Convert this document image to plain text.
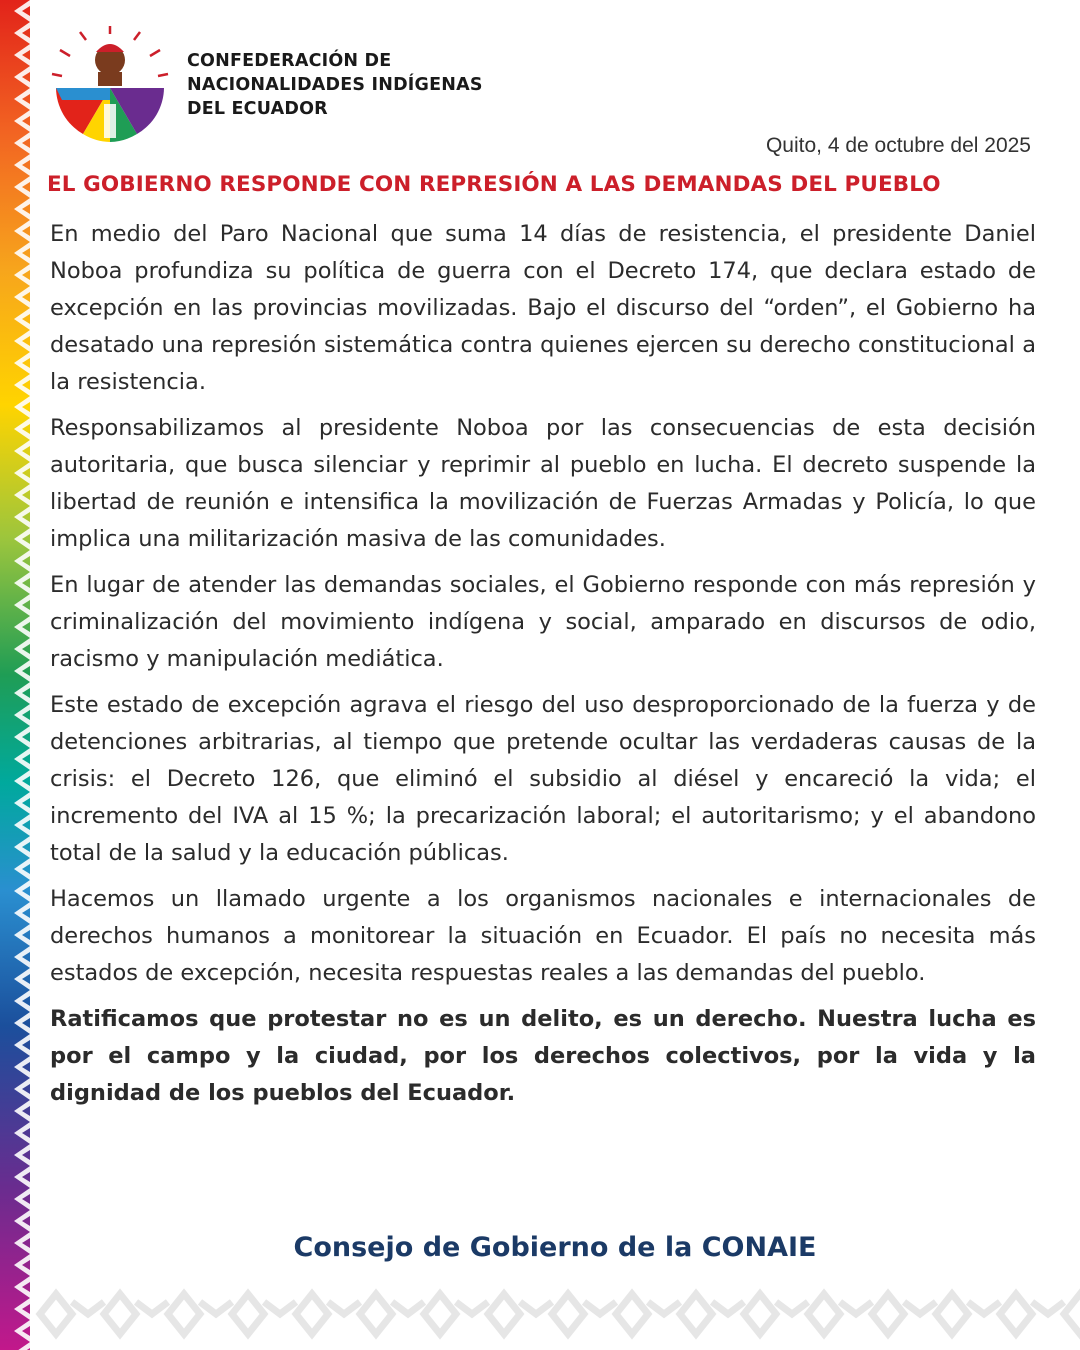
CONFEDERACIÓN DE
NACIONALIDADES INDÍGENAS
DEL ECUADOR
Quito, 4 de octubre del 2025
EL GOBIERNO RESPONDE CON REPRESIÓN A LAS DEMANDAS DEL PUEBLO

En medio del Paro Nacional que suma 14 días de resistencia, el presidente Daniel Noboa profundiza su política de guerra con el Decreto 174, que declara estado de excepción en las provincias movilizadas. Bajo el discurso del “orden”, el Gobierno ha desatado una represión sistemática contra quienes ejercen su derecho constitucional a la resistencia.

Responsabilizamos al presidente Noboa por las consecuencias de esta decisión autoritaria, que busca silenciar y reprimir al pueblo en lucha. El decreto suspende la libertad de reunión e intensifica la movilización de Fuerzas Armadas y Policía, lo que implica una militarización masiva de las comunidades.

En lugar de atender las demandas sociales, el Gobierno responde con más represión y criminalización del movimiento indígena y social, amparado en discursos de odio, racismo y manipulación mediática.

Este estado de excepción agrava el riesgo del uso desproporcionado de la fuerza y de detenciones arbitrarias, al tiempo que pretende ocultar las verdaderas causas de la crisis: el Decreto 126, que eliminó el subsidio al diésel y encareció la vida; el incremento del IVA al 15 %; la precarización laboral; el autoritarismo; y el abandono total de la salud y la educación públicas.

Hacemos un llamado urgente a los organismos nacionales e internacionales de derechos humanos a monitorear la situación en Ecuador. El país no necesita más estados de excepción, necesita respuestas reales a las demandas del pueblo.

Ratificamos que protestar no es un delito, es un derecho. Nuestra lucha es por el campo y la ciudad, por los derechos colectivos, por la vida y la dignidad de los pueblos del Ecuador.

Consejo de Gobierno de la CONAIE
